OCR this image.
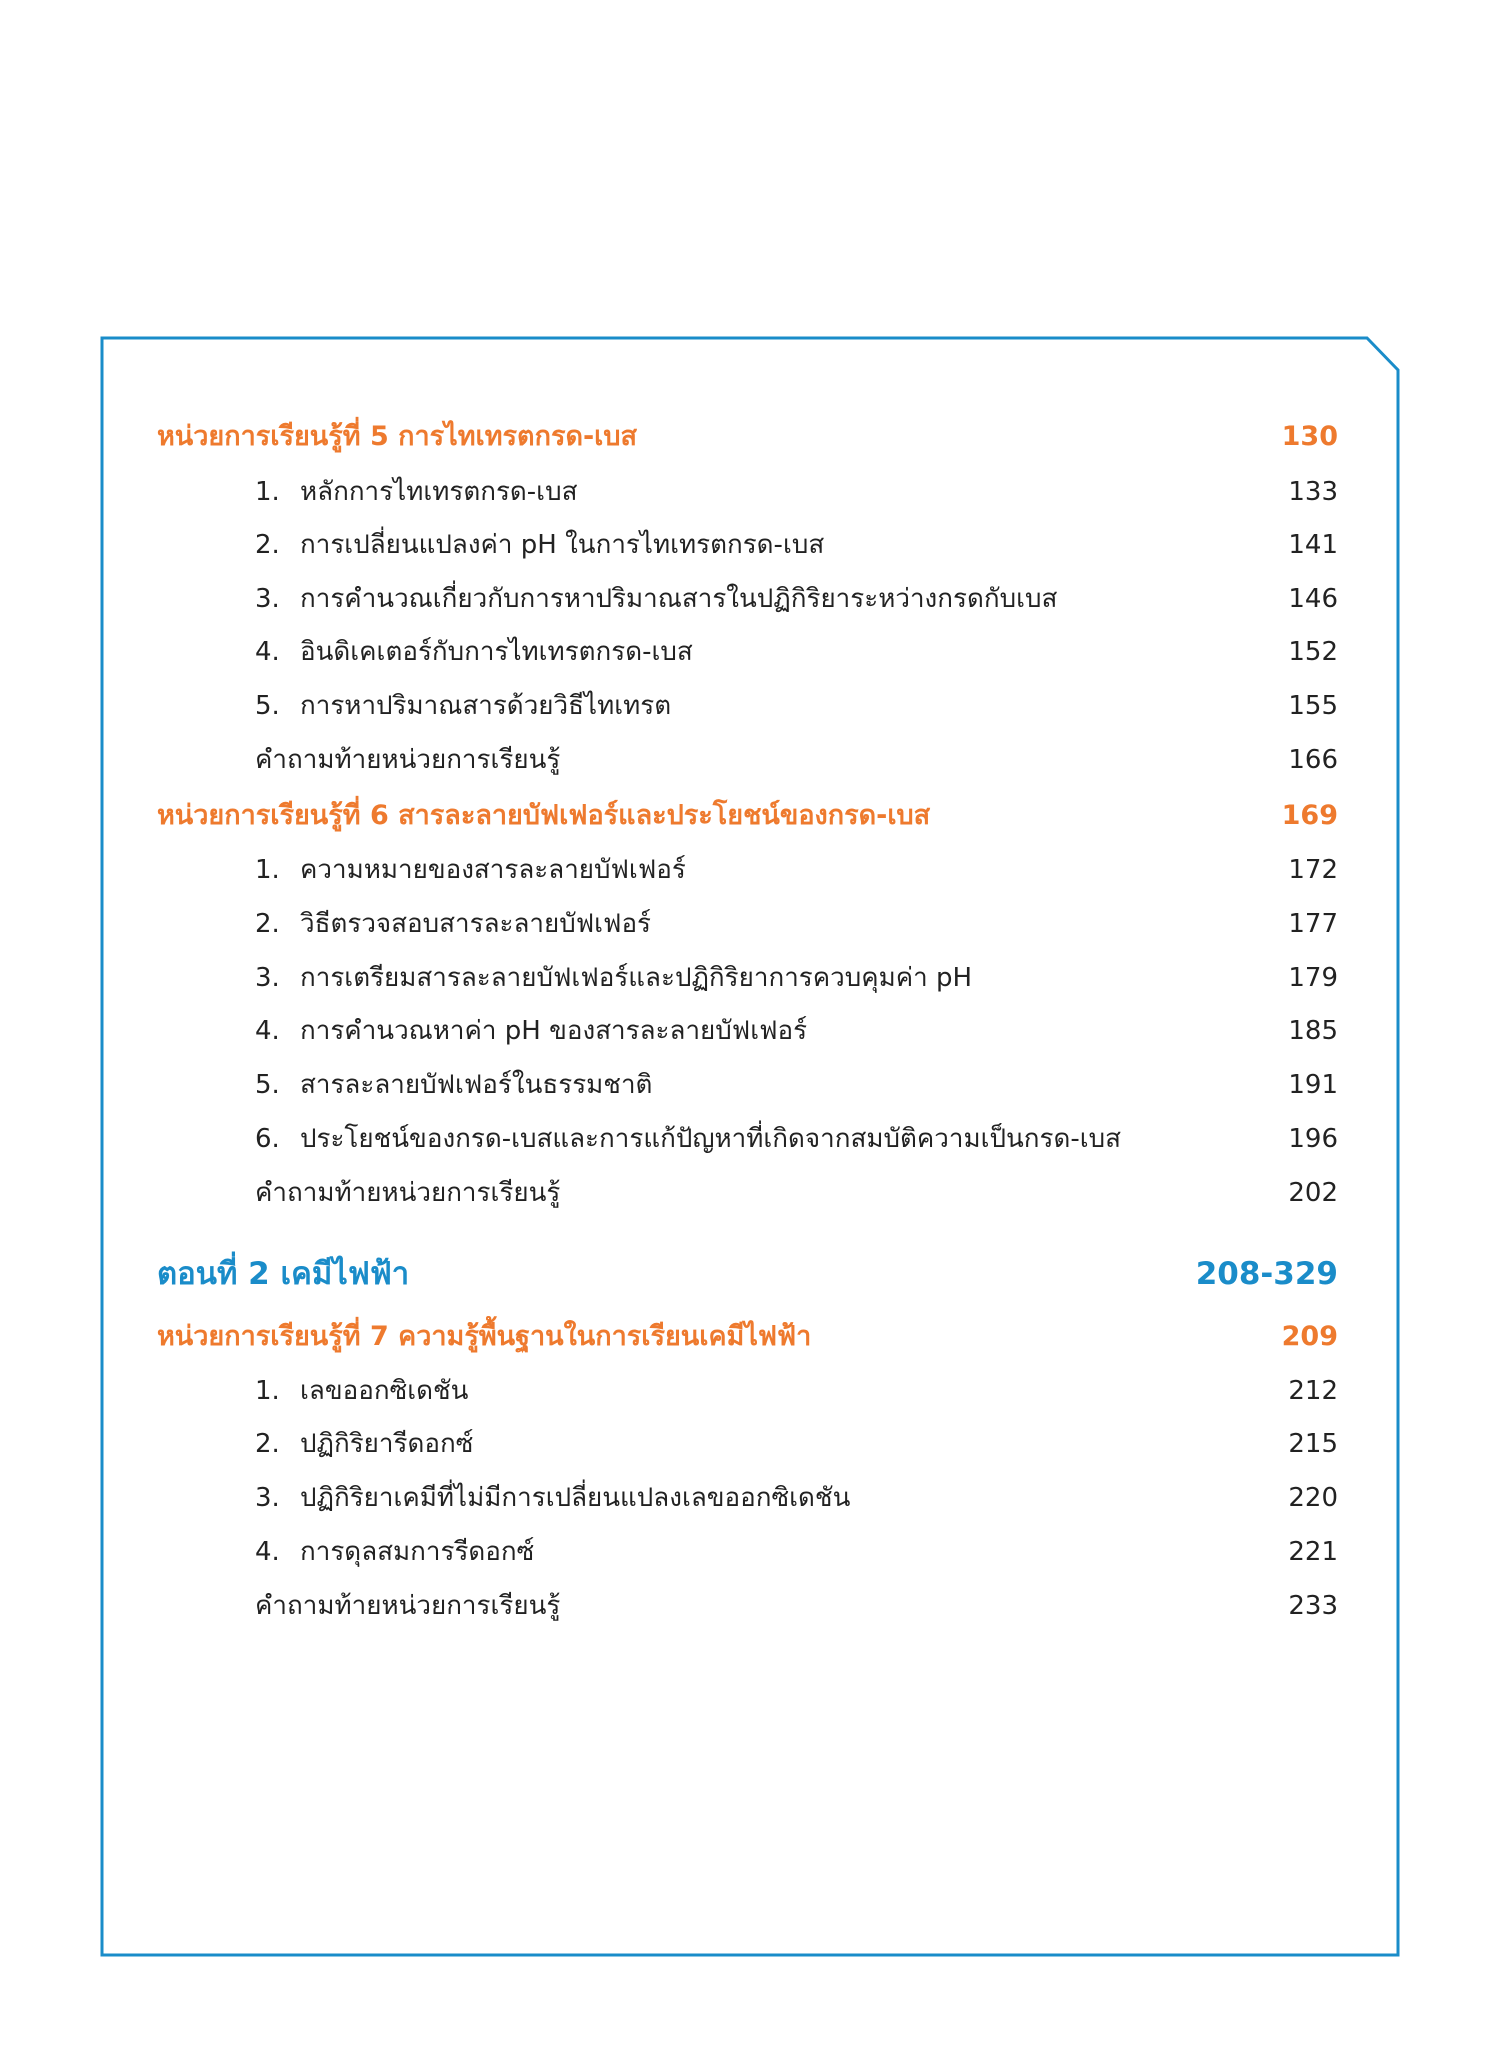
หน่วยการเรียนรู้ที่ 5 การไทเทรตกรด-เบส	130
1. หลักการไทเทรตกรด-เบส	133
2. การเปลี่ยนแปลงค่า pH ในการไทเทรตกรด-เบส	141
3. การคำนวณเกี่ยวกับการหาปริมาณสารในปฏิกิริยาระหว่างกรดกับเบส	146
4. อินดิเคเตอร์กับการไทเทรตกรด-เบส	152
5. การหาปริมาณสารด้วยวิธีไทเทรต	155
คำถามท้ายหน่วยการเรียนรู้	166
หน่วยการเรียนรู้ที่ 6 สารละลายบัฟเฟอร์และประโยชน์ของกรด-เบส	169
1. ความหมายของสารละลายบัฟเฟอร์	172
2. วิธีตรวจสอบสารละลายบัฟเฟอร์	177
3. การเตรียมสารละลายบัฟเฟอร์และปฏิกิริยาการควบคุมค่า pH	179
4. การคำนวณหาค่า pH ของสารละลายบัฟเฟอร์	185
5. สารละลายบัฟเฟอร์ในธรรมชาติ	191
6. ประโยชน์ของกรด-เบสและการแก้ปัญหาที่เกิดจากสมบัติความเป็นกรด-เบส	196
คำถามท้ายหน่วยการเรียนรู้	202
ตอนที่ 2 เคมีไฟฟ้า	208-329
หน่วยการเรียนรู้ที่ 7 ความรู้พื้นฐานในการเรียนเคมีไฟฟ้า	209
1. เลขออกซิเดชัน	212
2. ปฏิกิริยารีดอกซ์	215
3. ปฏิกิริยาเคมีที่ไม่มีการเปลี่ยนแปลงเลขออกซิเดชัน	220
4. การดุลสมการรีดอกซ์	221
คำถามท้ายหน่วยการเรียนรู้	233
